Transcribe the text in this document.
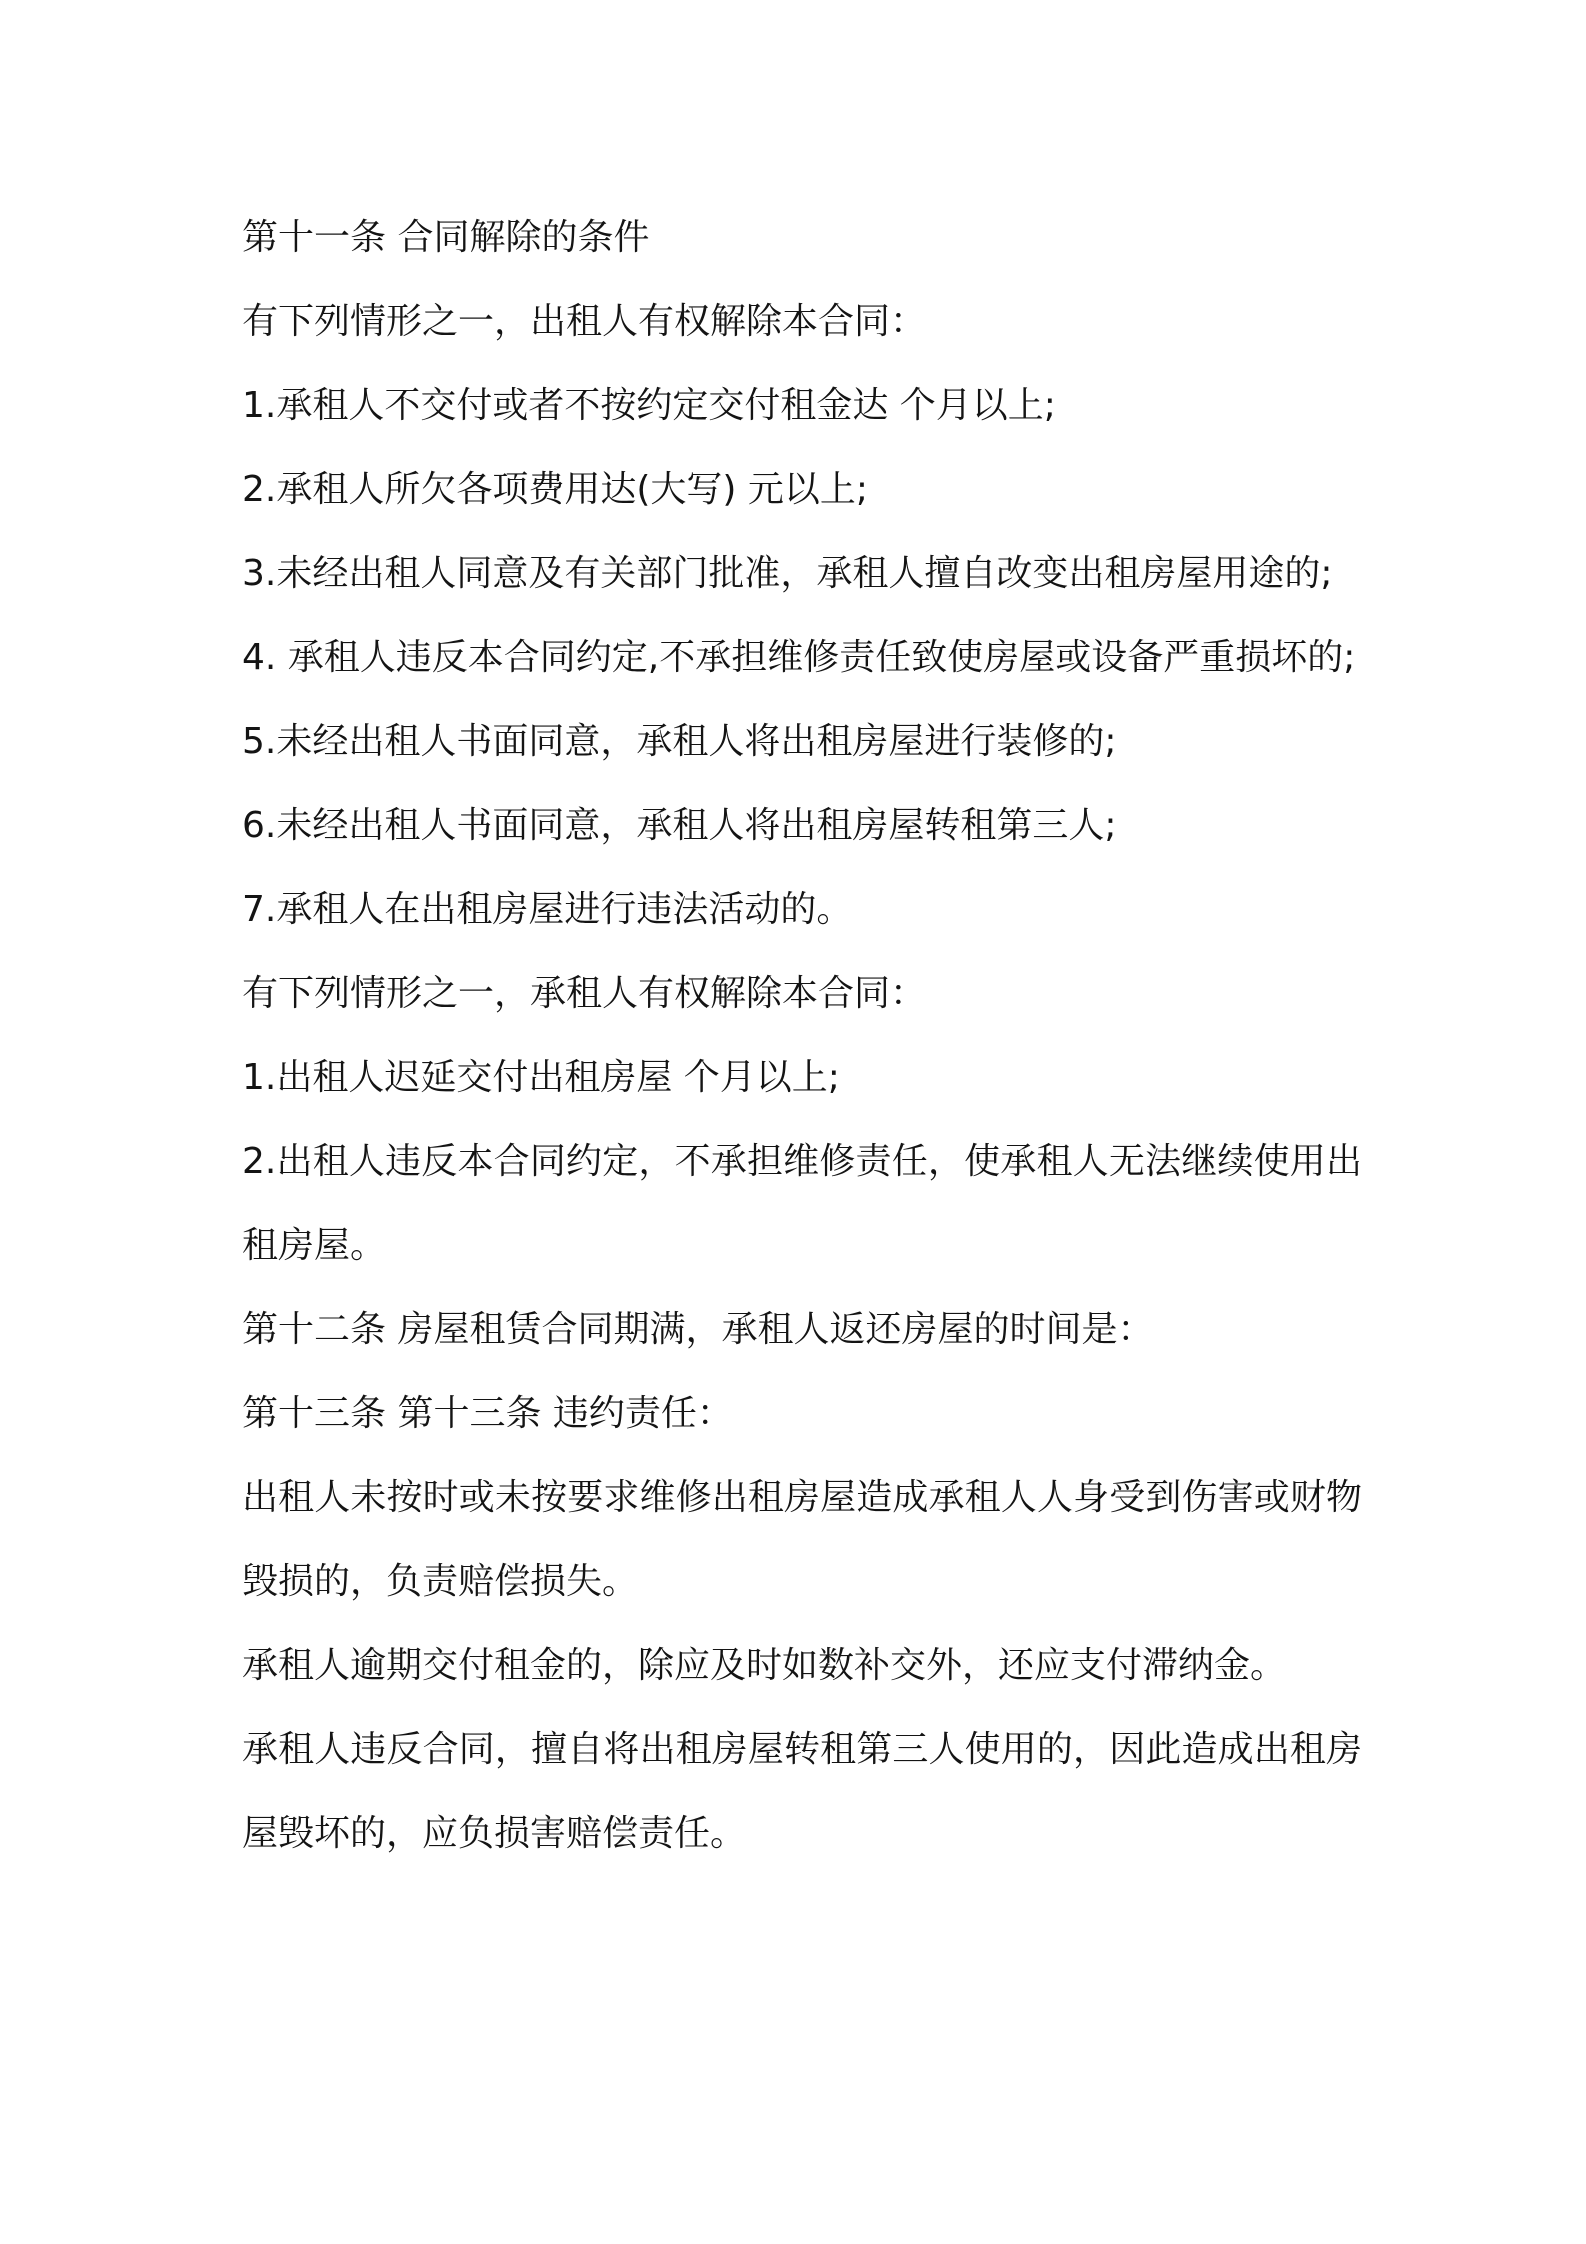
第十一条 合同解除的条件

有下列情形之一，出租人有权解除本合同：

1.承租人不交付或者不按约定交付租金达 个月以上;

2.承租人所欠各项费用达(大写) 元以上;

3.未经出租人同意及有关部门批准，承租人擅自改变出租房屋用途的;

4. 承租人违反本合同约定,不承担维修责任致使房屋或设备严重损坏的;

5.未经出租人书面同意，承租人将出租房屋进行装修的;

6.未经出租人书面同意，承租人将出租房屋转租第三人;

7.承租人在出租房屋进行违法活动的。

有下列情形之一，承租人有权解除本合同：

1.出租人迟延交付出租房屋 个月以上;

2.出租人违反本合同约定，不承担维修责任，使承租人无法继续使用出租房屋。

第十二条 房屋租赁合同期满，承租人返还房屋的时间是：

第十三条 第十三条 违约责任：

出租人未按时或未按要求维修出租房屋造成承租人人身受到伤害或财物毁损的，负责赔偿损失。

承租人逾期交付租金的，除应及时如数补交外，还应支付滞纳金。

承租人违反合同，擅自将出租房屋转租第三人使用的，因此造成出租房屋毁坏的，应负损害赔偿责任。
